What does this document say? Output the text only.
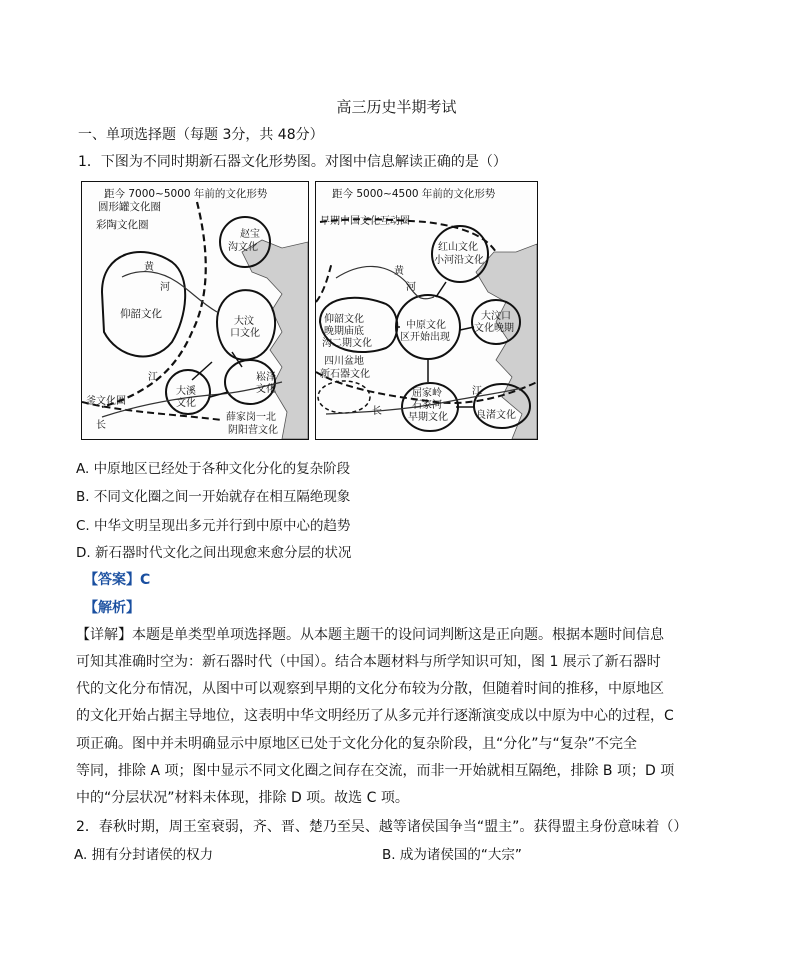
高三历史半期考试
一、单项选择题（每题 3分，共 48分）
1．下图为不同时期新石器文化形势图。对图中信息解读正确的是（）
距今 7000~5000 年前的文化形势
圆形罐文化圈
彩陶文化圈
赵宝
沟文化
黄
河
仰韶文化
大汶
口文化
江
大溪
文化
崧泽
文化
釜文化圈
长
薛家岗一北
阴阳营文化
距今 5000~4500 年前的文化形势
早期中国文化互动圈
红山文化
小河沿文化
黄
河
仰韶文化
晚期庙底
沟二期文化
中原文化
区开始出现
大汶口
文化晚期
四川盆地
新石器文化
屈家岭
石家河
早期文化
江
长	良渚文化
A. 中原地区已经处于各种文化分化的复杂阶段
B. 不同文化圈之间一开始就存在相互隔绝现象
C. 中华文明呈现出多元并行到中原中心的趋势
D. 新石器时代文化之间出现愈来愈分层的状况
【答案】C
【解析】
【详解】本题是单类型单项选择题。从本题主题干的设问词判断这是正向题。根据本题时间信息
可知其准确时空为：新石器时代（中国）。结合本题材料与所学知识可知，图 1 展示了新石器时
代的文化分布情况，从图中可以观察到早期的文化分布较为分散，但随着时间的推移，中原地区
的文化开始占据主导地位，这表明中华文明经历了从多元并行逐渐演变成以中原为中心的过程，C
项正确。图中并未明确显示中原地区已处于文化分化的复杂阶段，且“分化”与“复杂”不完全
等同，排除 A 项；图中显示不同文化圈之间存在交流，而非一开始就相互隔绝，排除 B 项；D 项
中的“分层状况”材料未体现，排除 D 项。故选 C 项。
2．春秋时期，周王室衰弱，齐、晋、楚乃至吴、越等诸侯国争当“盟主”。获得盟主身份意味着（）
A. 拥有分封诸侯的权力	B. 成为诸侯国的“大宗”
